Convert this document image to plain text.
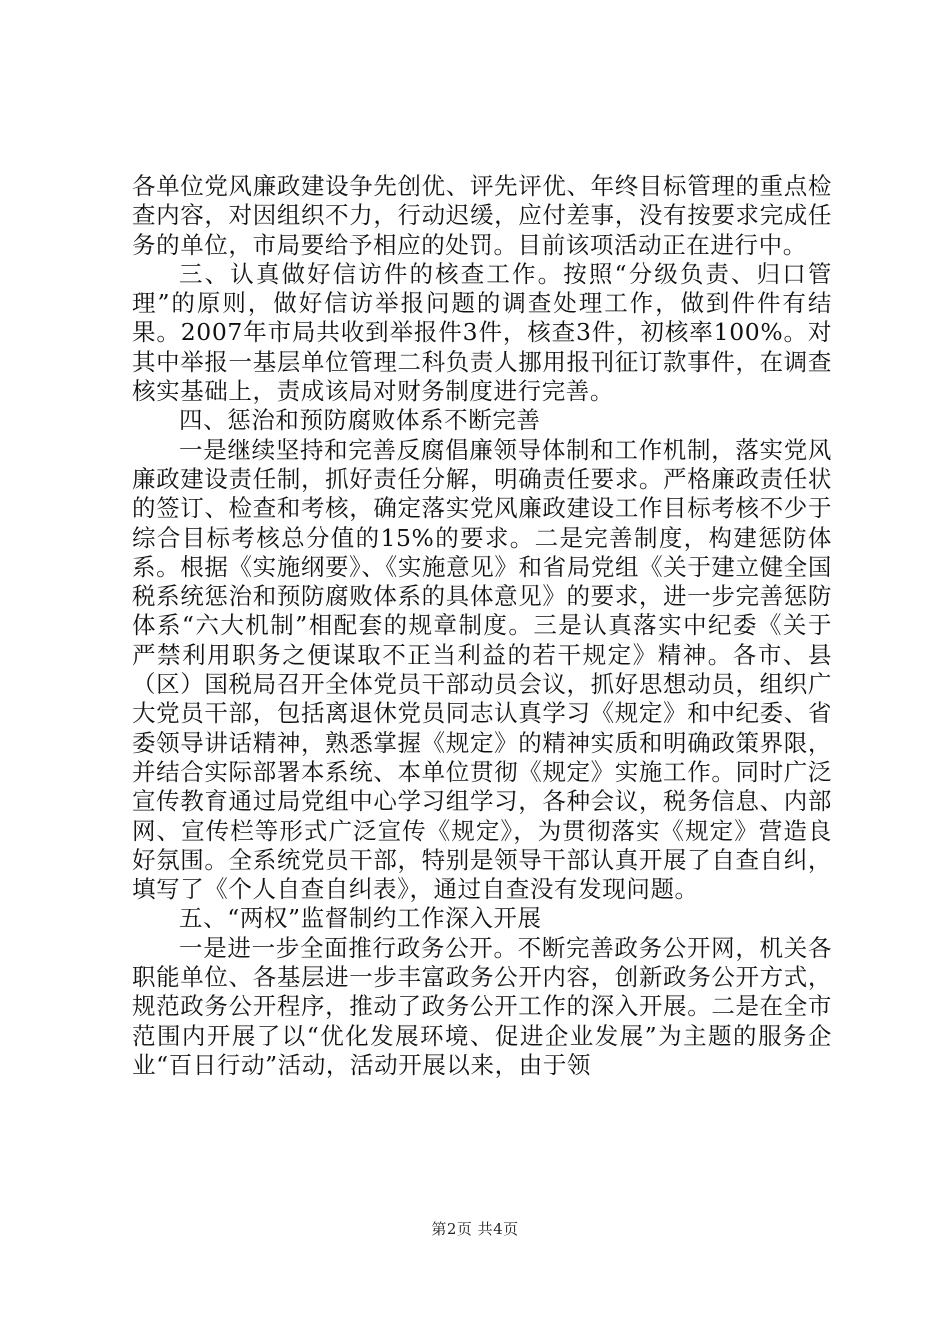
各单位党风廉政建设争先创优、评先评优、年终目标管理的重点检查内容，对因组织不力，行动迟缓，应付差事，没有按要求完成任务的单位，市局要给予相应的处罚。目前该项活动正在进行中。

三、认真做好信访件的核查工作。按照“分级负责、归口管理”的原则，做好信访举报问题的调查处理工作，做到件件有结果。2007年市局共收到举报件3件，核查3件，初核率100%。对其中举报一基层单位管理二科负责人挪用报刊征订款事件，在调查核实基础上，责成该局对财务制度进行完善。

四、惩治和预防腐败体系不断完善

一是继续坚持和完善反腐倡廉领导体制和工作机制，落实党风廉政建设责任制，抓好责任分解，明确责任要求。严格廉政责任状的签订、检查和考核，确定落实党风廉政建设工作目标考核不少于综合目标考核总分值的15%的要求。二是完善制度，构建惩防体系。根据《实施纲要》、《实施意见》和省局党组《关于建立健全国税系统惩治和预防腐败体系的具体意见》的要求，进一步完善惩防体系“六大机制”相配套的规章制度。三是认真落实中纪委《关于严禁利用职务之便谋取不正当利益的若干规定》精神。各市、县（区）国税局召开全体党员干部动员会议，抓好思想动员，组织广大党员干部，包括离退休党员同志认真学习《规定》和中纪委、省委领导讲话精神，熟悉掌握《规定》的精神实质和明确政策界限，并结合实际部署本系统、本单位贯彻《规定》实施工作。同时广泛宣传教育通过局党组中心学习组学习，各种会议，税务信息、内部网、宣传栏等形式广泛宣传《规定》，为贯彻落实《规定》营造良好氛围。全系统党员干部，特别是领导干部认真开展了自查自纠，填写了《个人自查自纠表》，通过自查没有发现问题。

五、“两权”监督制约工作深入开展

一是进一步全面推行政务公开。不断完善政务公开网，机关各职能单位、各基层进一步丰富政务公开内容，创新政务公开方式，规范政务公开程序，推动了政务公开工作的深入开展。二是在全市范围内开展了以“优化发展环境、促进企业发展”为主题的服务企业“百日行动”活动，活动开展以来，由于领

第2页 共4页
